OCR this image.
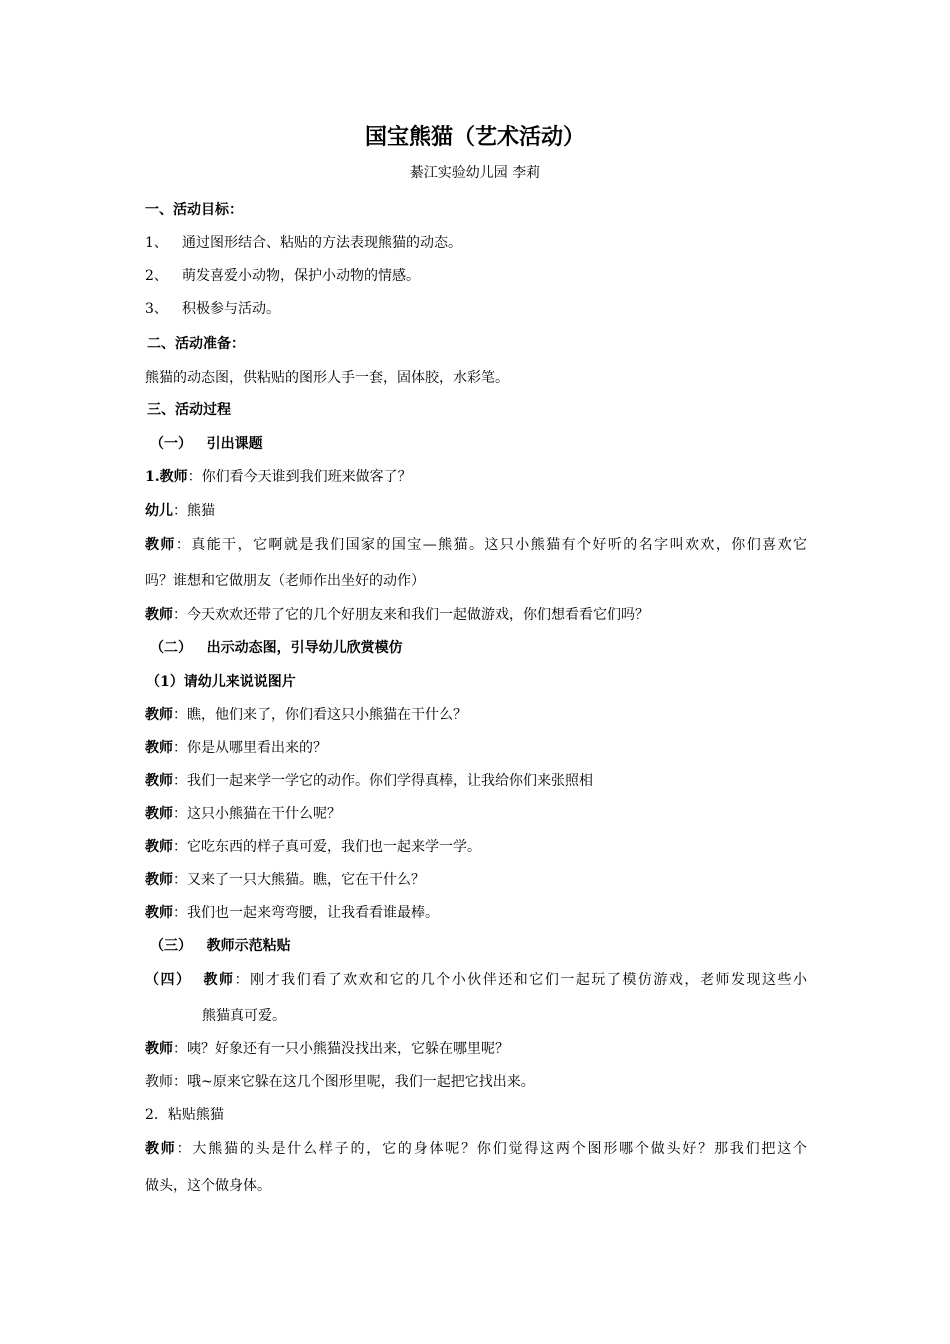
国宝熊猫（艺术活动）
綦江实验幼儿园 李莉
一、活动目标：
1、 通过图形结合、粘贴的方法表现熊猫的动态。
2、 萌发喜爱小动物，保护小动物的情感。
3、 积极参与活动。
二、活动准备：
熊猫的动态图，供粘贴的图形人手一套，固体胶，水彩笔。
三、活动过程
（一）   引出课题
1.教师：你们看今天谁到我们班来做客了？
幼儿：熊猫
教师：真能干，它啊就是我们国家的国宝—熊猫。这只小熊猫有个好听的名字叫欢欢，你们喜欢它
吗？谁想和它做朋友（老师作出坐好的动作）
教师：今天欢欢还带了它的几个好朋友来和我们一起做游戏，你们想看看它们吗？
（二）   出示动态图，引导幼儿欣赏模仿
（1）请幼儿来说说图片
教师：瞧，他们来了，你们看这只小熊猫在干什么？
教师：你是从哪里看出来的？
教师：我们一起来学一学它的动作。你们学得真棒，让我给你们来张照相
教师：这只小熊猫在干什么呢？
教师：它吃东西的样子真可爱，我们也一起来学一学。
教师：又来了一只大熊猫。瞧，它在干什么？
教师：我们也一起来弯弯腰，让我看看谁最棒。
（三）   教师示范粘贴
（四） 教师：刚才我们看了欢欢和它的几个小伙伴还和它们一起玩了模仿游戏，老师发现这些小
熊猫真可爱。
教师：咦？好象还有一只小熊猫没找出来，它躲在哪里呢？
教师：哦~原来它躲在这几个图形里呢，我们一起把它找出来。
2．粘贴熊猫
教师：大熊猫的头是什么样子的，它的身体呢？你们觉得这两个图形哪个做头好？那我们把这个
做头，这个做身体。
